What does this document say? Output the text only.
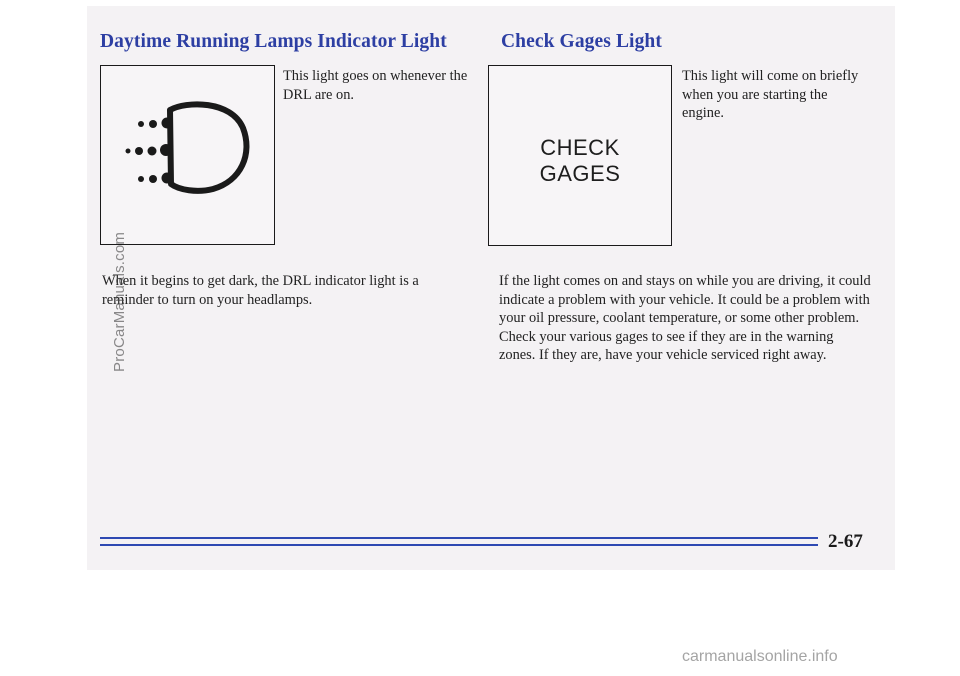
Daytime Running Lamps Indicator Light	Check Gages Light

This light goes on whenever the DRL are on.

CHECK
GAGES

This light will come on briefly when you are starting the engine.

When it begins to get dark, the DRL indicator light is a reminder to turn on your headlamps.

If the light comes on and stays on while you are driving, it could indicate a problem with your vehicle. It could be a problem with your oil pressure, coolant temperature, or some other problem. Check your various gages to see if they are in the warning zones. If they are, have your vehicle serviced right away.

2-67
ProCarManuals.com
carmanualsonline.info
